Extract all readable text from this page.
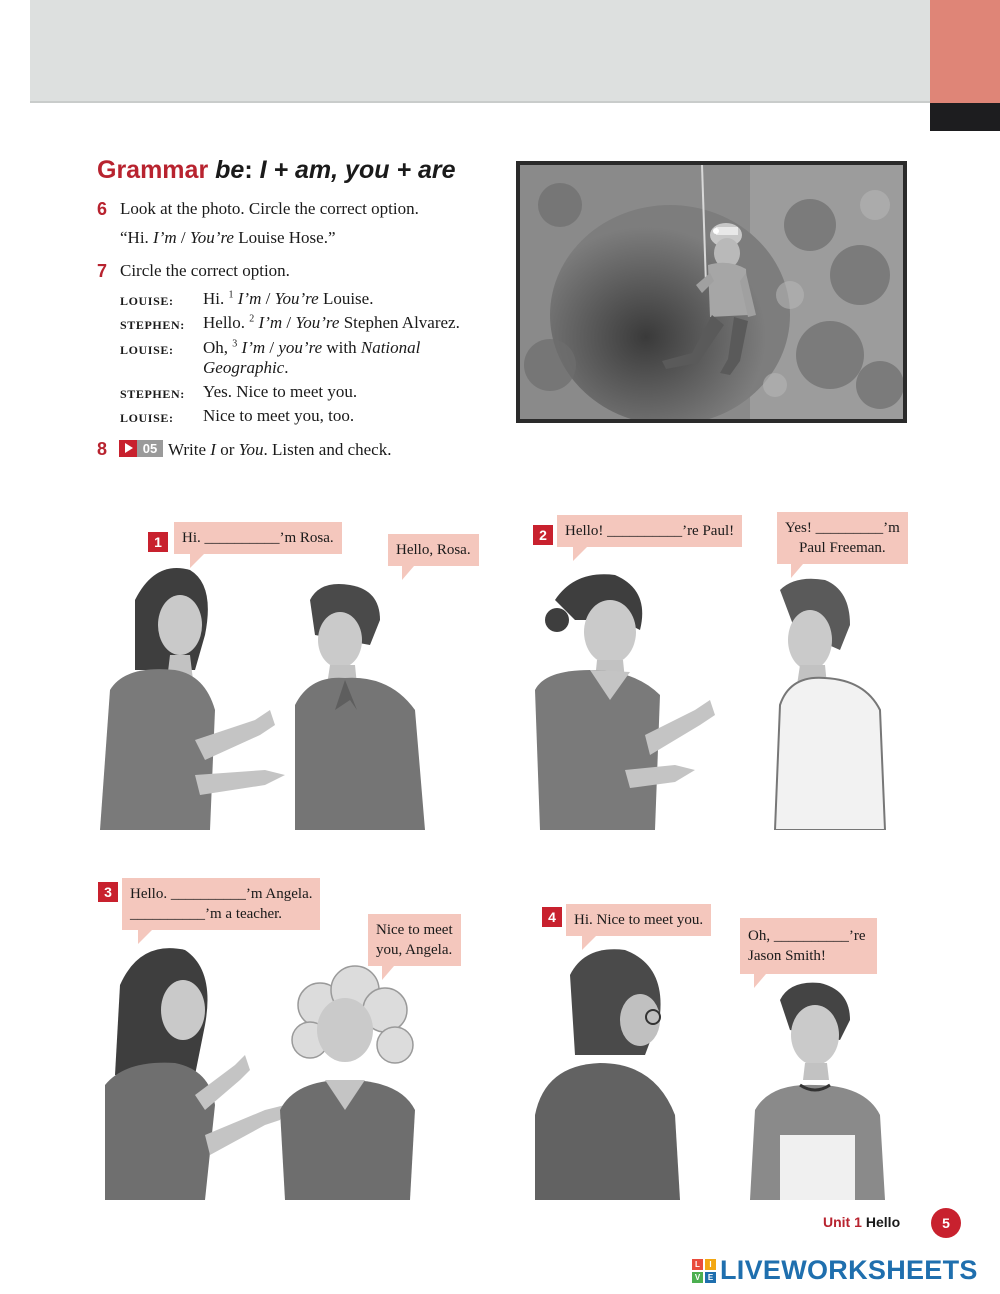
Grammar be: I + am, you + are
6 Look at the photo. Circle the correct option.
“Hi. I’m / You’re Louise Hose.”
7 Circle the correct option.
LOUISE: Hi. $^1$ I’m / You’re Louise.
STEPHEN: Hello. $^2$ I’m / You’re Stephen Alvarez.
LOUISE: Oh, $^3$ I’m / you’re with National
Geographic.
STEPHEN: Yes. Nice to meet you.
LOUISE: Nice to meet you, too.
8	05 Write I or You. Listen and check.
1	Hi. __________’m Rosa.
Hello, Rosa.
2	Hello! __________’re Paul!	Yes! _________’m
Paul Freeman.
3	Hello. __________’m Angela.
__________’m a teacher.
Nice to meet
you, Angela.
4	Hi. Nice to meet you.
Oh, __________’re
Jason Smith!
Unit 1 Hello	5
L	I
V E LIVEWORKSHEETS
